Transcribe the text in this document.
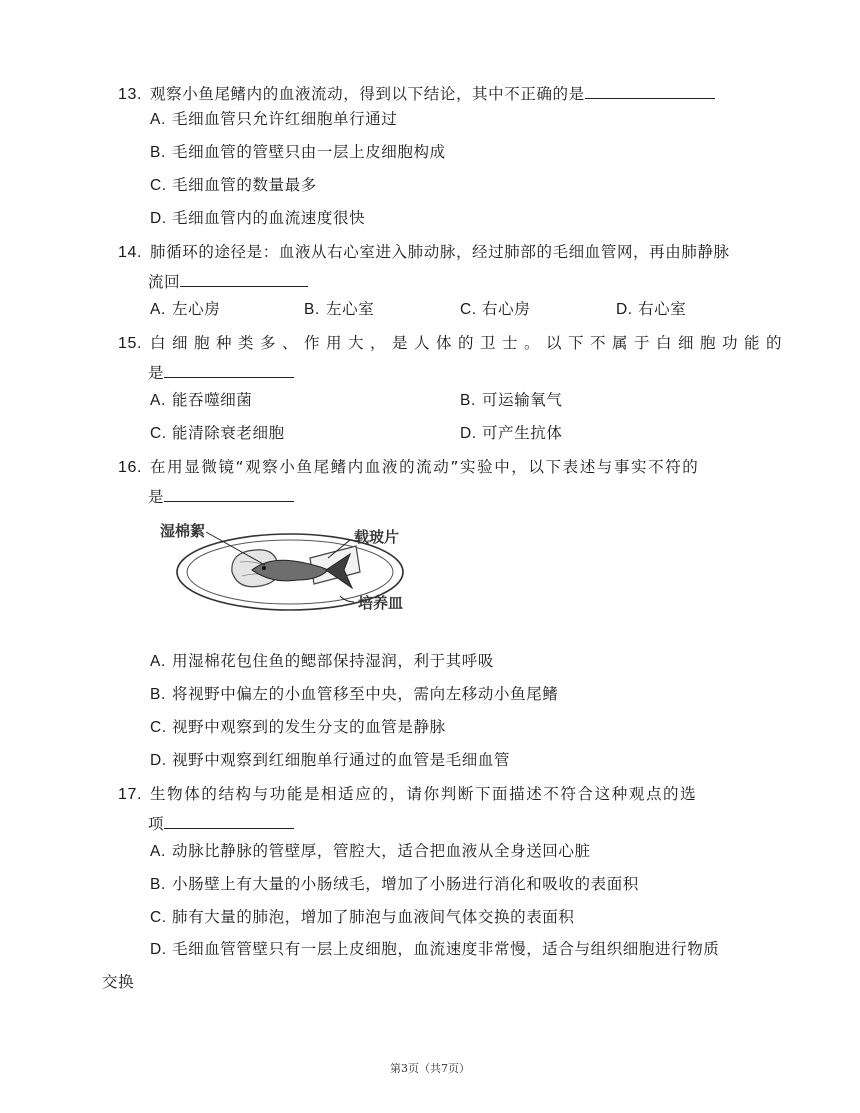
13. 观察小鱼尾鳍内的血液流动，得到以下结论，其中不正确的是
A. 毛细血管只允许红细胞单行通过
B. 毛细血管的管壁只由一层上皮细胞构成
C. 毛细血管的数量最多
D. 毛细血管内的血流速度很快
14. 肺循环的途径是：血液从右心室进入肺动脉，经过肺部的毛细血管网，再由肺静脉
流回
A. 左心房	B. 左心室	C. 右心房	D. 右心室
15. 白细胞种类多、作用大，是人体的卫士。以下不属于白细胞功能的
是
A. 能吞噬细菌	B. 可运输氧气
C. 能清除衰老细胞	D. 可产生抗体
16. 在用显微镜“观察小鱼尾鳍内血液的流动”实验中，以下表述与事实不符的
是
湿棉絮	载玻片
培养皿
A. 用湿棉花包住鱼的鳃部保持湿润，利于其呼吸
B. 将视野中偏左的小血管移至中央，需向左移动小鱼尾鳍
C. 视野中观察到的发生分支的血管是静脉
D. 视野中观察到红细胞单行通过的血管是毛细血管
17. 生物体的结构与功能是相适应的，请你判断下面描述不符合这种观点的选
项
A. 动脉比静脉的管壁厚，管腔大，适合把血液从全身送回心脏
B. 小肠壁上有大量的小肠绒毛，增加了小肠进行消化和吸收的表面积
C. 肺有大量的肺泡，增加了肺泡与血液间气体交换的表面积
D. 毛细血管管壁只有一层上皮细胞，血流速度非常慢，适合与组织细胞进行物质
交换
第3页（共7页）
